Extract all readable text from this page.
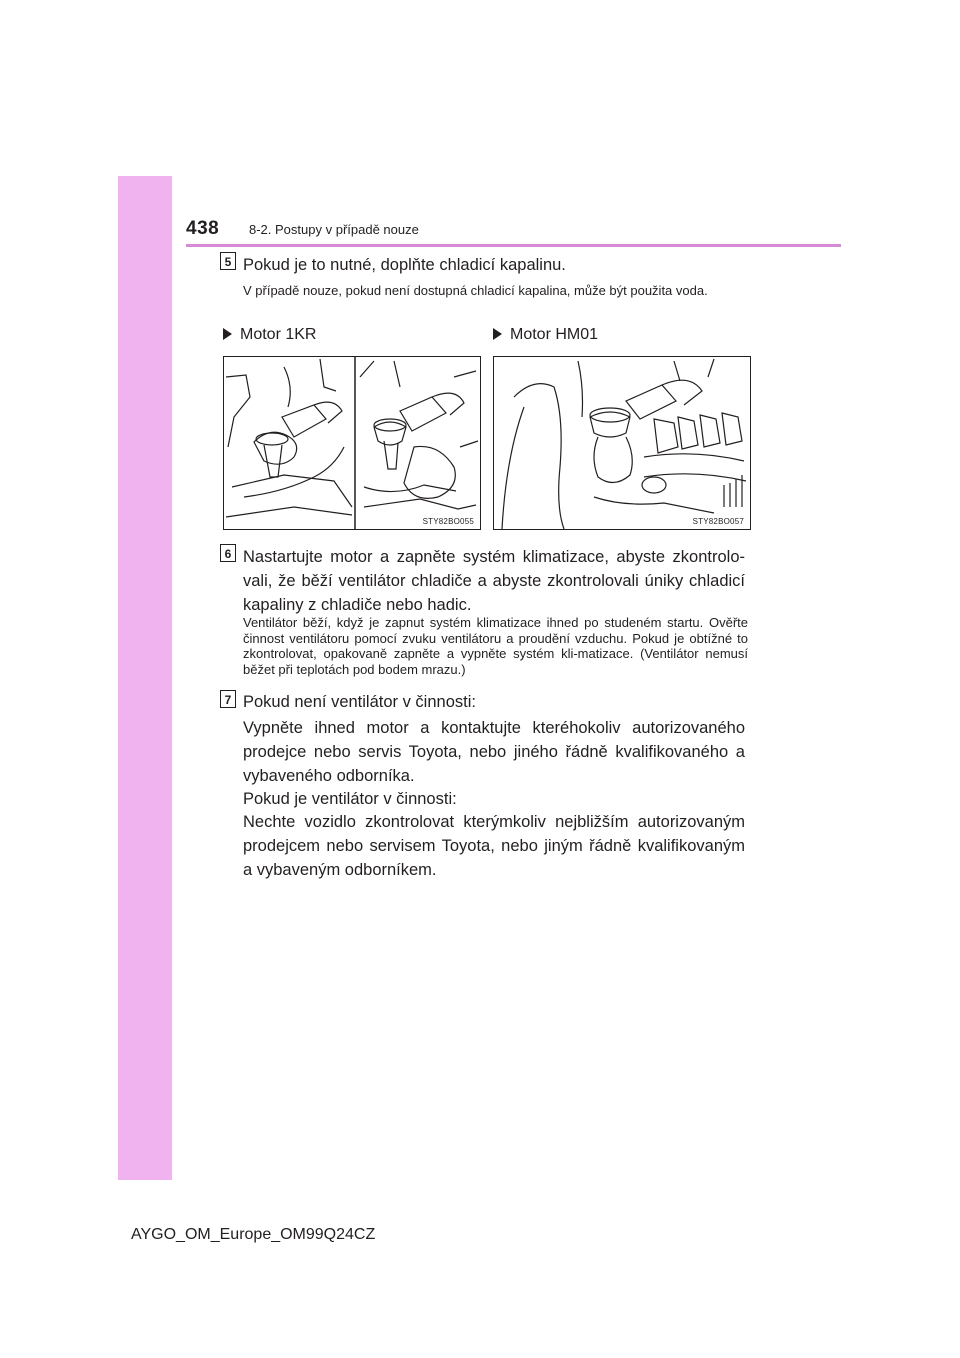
438 8-2. Postupy v případě nouze
5 Pokud je to nutné, doplňte chladicí kapalinu.
V případě nouze, pokud není dostupná chladicí kapalina, může být použita voda.
Motor 1KR	Motor HM01
STY82BO055	STY82BO057
6 Nastartujte motor a zapněte systém klimatizace, abyste zkontrolo-vali, že běží ventilátor chladiče a abyste zkontrolovali úniky chladicí kapaliny z chladiče nebo hadic.
Ventilátor běží, když je zapnut systém klimatizace ihned po studeném startu. Ověřte činnost ventilátoru pomocí zvuku ventilátoru a proudění vzduchu. Pokud je obtížné to zkontrolovat, opakovaně zapněte a vypněte systém kli-matizace. (Ventilátor nemusí běžet při teplotách pod bodem mrazu.)
7 Pokud není ventilátor v činnosti:
Vypněte ihned motor a kontaktujte kteréhokoliv autorizovaného prodejce nebo servis Toyota, nebo jiného řádně kvalifikovaného a vybaveného odborníka.
Pokud je ventilátor v činnosti:
Nechte vozidlo zkontrolovat kterýmkoliv nejbližším autorizovaným prodejcem nebo servisem Toyota, nebo jiným řádně kvalifikovaným a vybaveným odborníkem.
AYGO_OM_Europe_OM99Q24CZ
